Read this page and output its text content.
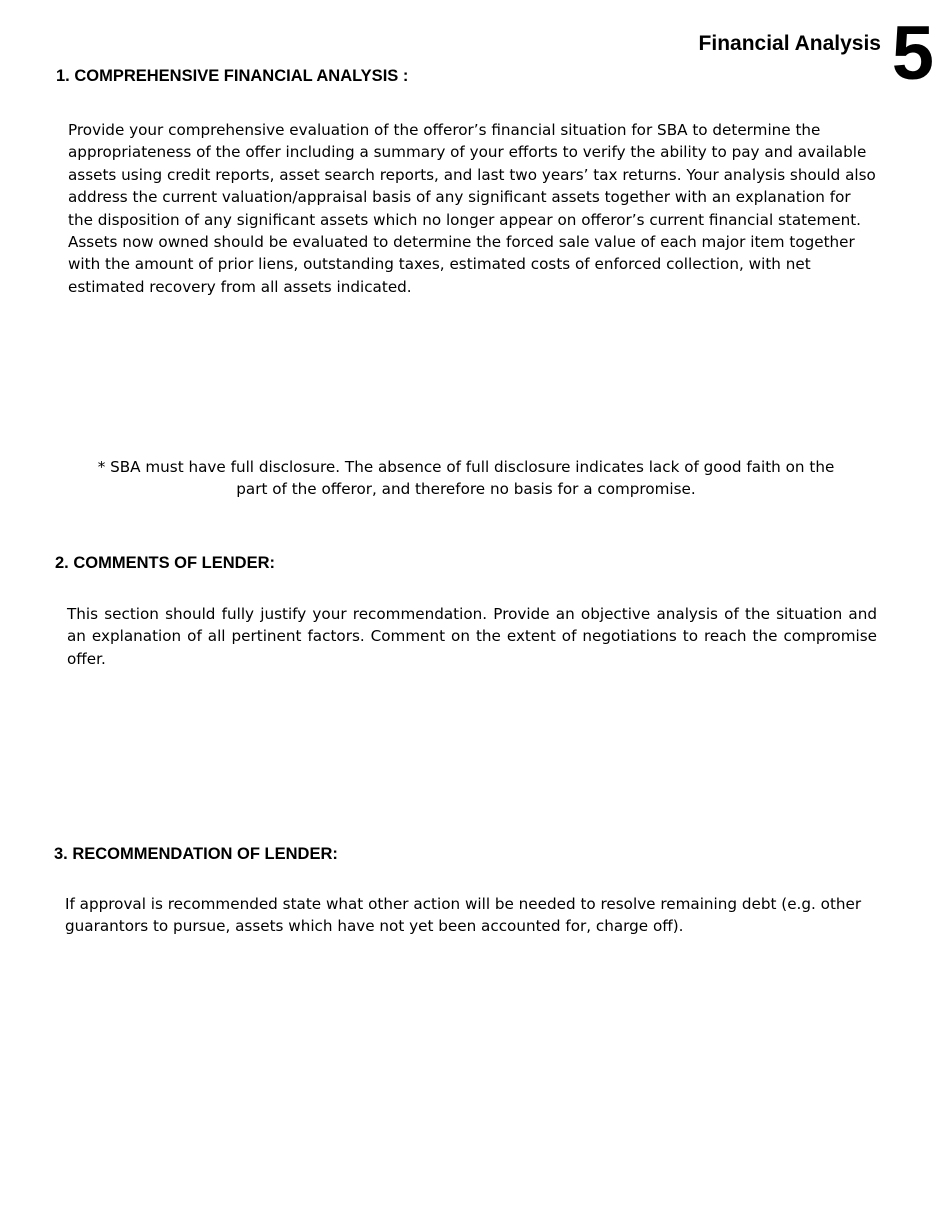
Financial Analysis 5
1. COMPREHENSIVE FINANCIAL ANALYSIS :
Provide your comprehensive evaluation of the offeror’s financial situation for SBA to determine the appropriateness of the offer including a summary of your efforts to verify the ability to pay and available assets using credit reports, asset search reports, and last two years’ tax returns. Your analysis should also address the current valuation/appraisal basis of any significant assets together with an explanation for the disposition of any significant assets which no longer appear on offeror’s current financial statement. Assets now owned should be evaluated to determine the forced sale value of each major item together with the amount of prior liens, outstanding taxes, estimated costs of enforced collection, with net estimated recovery from all assets indicated.
* SBA must have full disclosure. The absence of full disclosure indicates lack of good faith on the part of the offeror, and therefore no basis for a compromise.
2. COMMENTS OF LENDER:
This section should fully justify your recommendation. Provide an objective analysis of the situation and an explanation of all pertinent factors. Comment on the extent of negotiations to reach the compromise offer.
3. RECOMMENDATION OF LENDER:
If approval is recommended state what other action will be needed to resolve remaining debt (e.g. other guarantors to pursue, assets which have not yet been accounted for, charge off).
